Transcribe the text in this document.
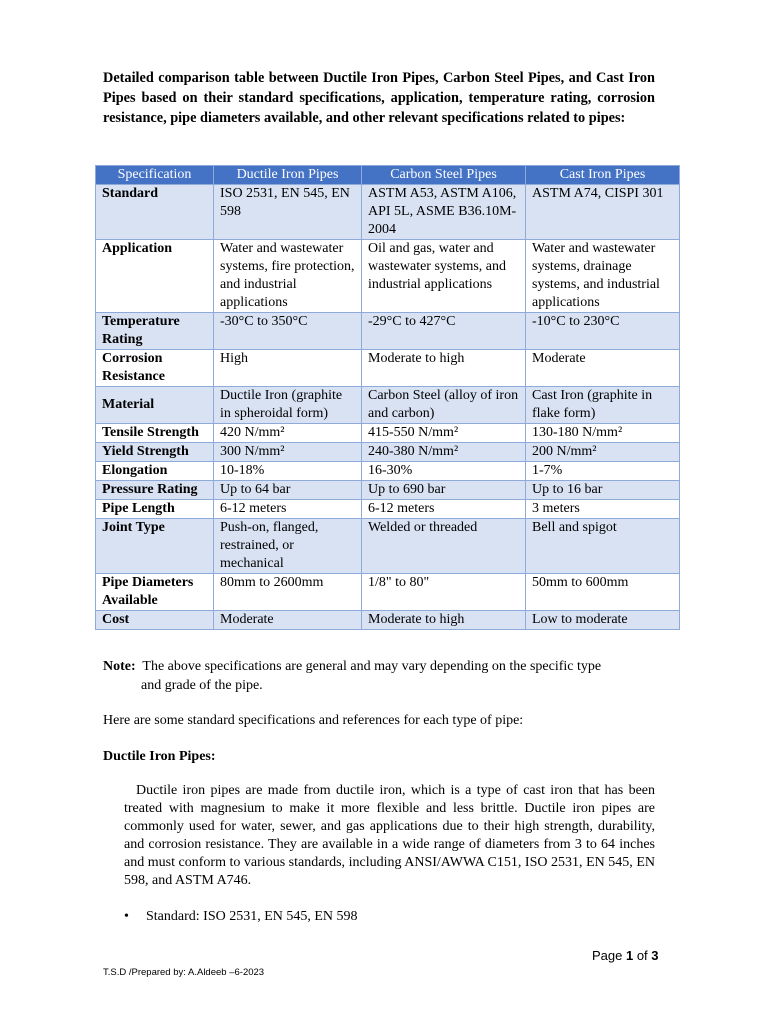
Detailed comparison table between Ductile Iron Pipes, Carbon Steel Pipes, and Cast Iron Pipes based on their standard specifications, application, temperature rating, corrosion resistance, pipe diameters available, and other relevant specifications related to pipes:
Specification	Ductile Iron Pipes	Carbon Steel Pipes	Cast Iron Pipes
Standard	ISO 2531, EN 545, EN 598	ASTM A53, ASTM A106, API 5L, ASME B36.10M-2004	ASTM A74, CISPI 301
Application	Water and wastewater systems, fire protection, and industrial applications	Oil and gas, water and wastewater systems, and industrial applications	Water and wastewater systems, drainage systems, and industrial applications
Temperature Rating	-30°C to 350°C	-29°C to 427°C	-10°C to 230°C
Corrosion Resistance	High	Moderate to high	Moderate
Material	Ductile Iron (graphite in spheroidal form)	Carbon Steel (alloy of iron and carbon)	Cast Iron (graphite in flake form)
Tensile Strength	420 N/mm²	415-550 N/mm²	130-180 N/mm²
Yield Strength	300 N/mm²	240-380 N/mm²	200 N/mm²
Elongation	10-18%	16-30%	1-7%
Pressure Rating	Up to 64 bar	Up to 690 bar	Up to 16 bar
Pipe Length	6-12 meters	6-12 meters	3 meters
Joint Type	Push-on, flanged, restrained, or mechanical	Welded or threaded	Bell and spigot
Pipe Diameters Available	80mm to 2600mm	1/8" to 80"	50mm to 600mm
Cost	Moderate	Moderate to high	Low to moderate
Note: The above specifications are general and may vary depending on the specific type
and grade of the pipe.
Here are some standard specifications and references for each type of pipe:
Ductile Iron Pipes:
Ductile iron pipes are made from ductile iron, which is a type of cast iron that has been treated with magnesium to make it more flexible and less brittle. Ductile iron pipes are commonly used for water, sewer, and gas applications due to their high strength, durability, and corrosion resistance. They are available in a wide range of diameters from 3 to 64 inches and must conform to various standards, including ANSI/AWWA C151, ISO 2531, EN 545, EN 598, and ASTM A746.
• Standard: ISO 2531, EN 545, EN 598
Page 1 of 3
T.S.D /Prepared by: A.Aldeeb –6-2023
